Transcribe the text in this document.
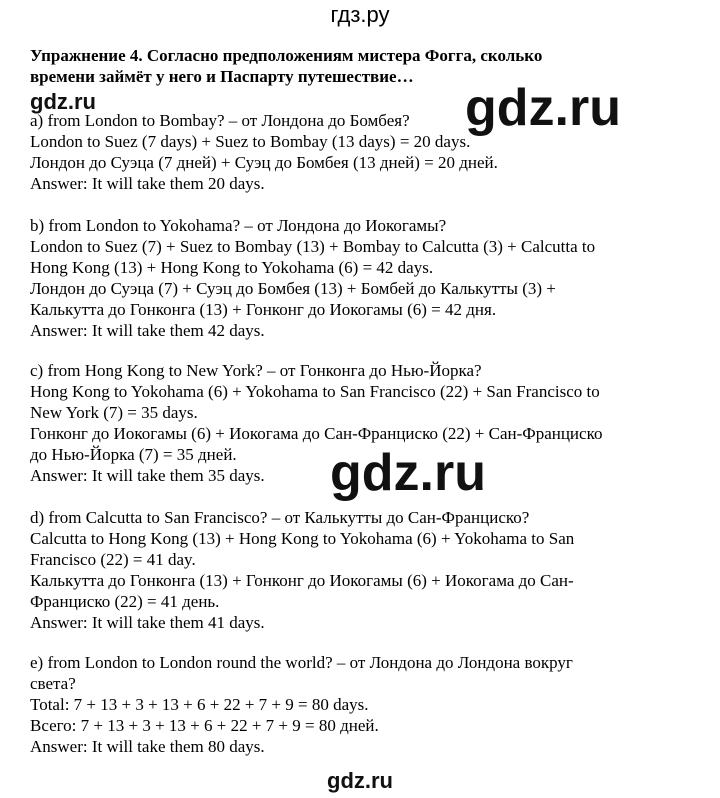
гдз.ру
Упражнение 4. Согласно предположениям мистера Фогга, сколько
времени займёт у него и Паспарту путешествие…
gdz.ru	gdz.ru
a) from London to Bombay? – от Лондона до Бомбея?
London to Suez (7 days) + Suez to Bombay (13 days) = 20 days.
Лондон до Суэца (7 дней) + Суэц до Бомбея (13 дней) = 20 дней.
Answer: It will take them 20 days.
b) from London to Yokohama? – от Лондона до Иокогамы?
London to Suez (7) + Suez to Bombay (13) + Bombay to Calcutta (3) + Calcutta to
Hong Kong (13) + Hong Kong to Yokohama (6) = 42 days.
Лондон до Суэца (7) + Суэц до Бомбея (13) + Бомбей до Калькутты (3) +
Калькутта до Гонконга (13) + Гонконг до Иокогамы (6) = 42 дня.
Answer: It will take them 42 days.
c) from Hong Kong to New York? – от Гонконга до Нью-Йорка?
Hong Kong to Yokohama (6) + Yokohama to San Francisco (22) + San Francisco to
New York (7) = 35 days.
Гонконг до Иокогамы (6) + Иокогама до Сан-Франциско (22) + Сан-Франциско
до Нью-Йорка (7) = 35 дней.
Answer: It will take them 35 days. gdz.ru
d) from Calcutta to San Francisco? – от Калькутты до Сан-Франциско?
Calcutta to Hong Kong (13) + Hong Kong to Yokohama (6) + Yokohama to San
Francisco (22) = 41 day.
Калькутта до Гонконга (13) + Гонконг до Иокогамы (6) + Иокогама до Сан-
Франциско (22) = 41 день.
Answer: It will take them 41 days.
e) from London to London round the world? – от Лондона до Лондона вокруг
света?
Total: 7 + 13 + 3 + 13 + 6 + 22 + 7 + 9 = 80 days.
Всего: 7 + 13 + 3 + 13 + 6 + 22 + 7 + 9 = 80 дней.
Answer: It will take them 80 days.
gdz.ru
